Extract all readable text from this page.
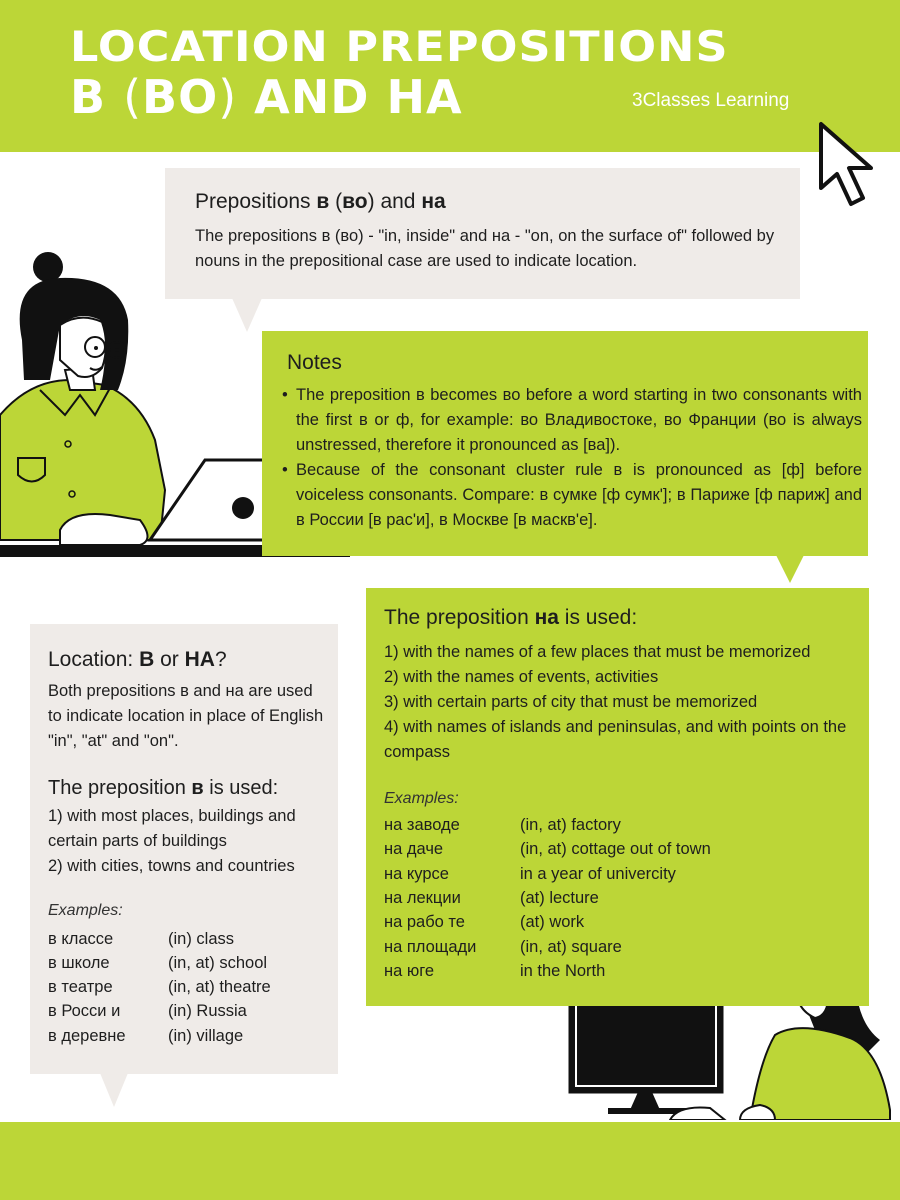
LOCATION PREPOSITIONS
В (ВО) AND НА	3Classes Learning
Prepositions в (во) and на
The prepositions в (во) - "in, inside" and на - "on, on the surface of" followed by nouns in the prepositional case are used to indicate location.
Notes
• The preposition в becomes во before a word starting in two consonants with the first в or ф, for example: во Владивостоке, во Франции (во is always unstressed, therefore it pronounced as [ва]).
• Because of the consonant cluster rule в is pronounced as [ф] before voiceless consonants. Compare: в сумке [ф сумк']; в Париже [ф париж] and в России [в рас'и], в Москве [в маскв'е].
Location: В or НА?
Both prepositions в and на are used to indicate location in place of English "in", "at" and "on".
The preposition в is used:
1) with most places, buildings and certain parts of buildings
2) with cities, towns and countries
Examples:
в классе	(in) class
в школе	(in, at) school
в театре	(in, at) theatre
в Росси и	(in) Russia
в деревне	(in) village
The preposition на is used:
1) with the names of a few places that must be memorized
2) with the names of events, activities
3) with certain parts of city that must be memorized
4) with names of islands and peninsulas, and with points on the compass
Examples:
на заводе	(in, at) factory
на даче	(in, at) cottage out of town
на курсе	in a year of univercity
на лекции	(at) lecture
на рабо те	(at) work
на площади	(in, at) square
на юге	in the North
